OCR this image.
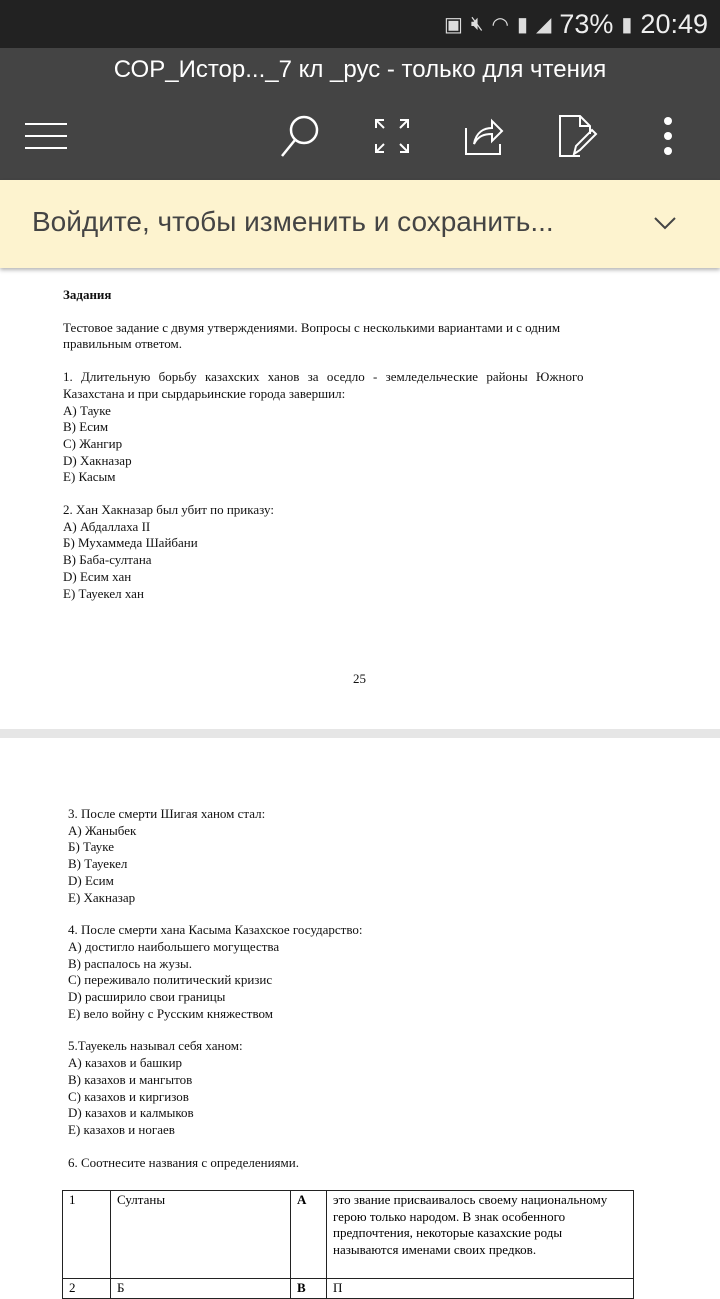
▣ 🔇︎ ◠ ▮ ◢ 73% ▮ 20:49
СОР_Истор..._7 кл _рус - только для чтения
Войдите, чтобы изменить и сохранить...

Задания

Тестовое задание с двумя утверждениями. Вопросы с несколькими вариантами и с одним

правильным ответом.

1. Длительную борьбу казахских ханов за оседло - земледельческие районы Южного

Казахстана и при сырдарьинские города завершил:

A) Тауке

B) Есим

C) Жангир

D) Хакназар

E) Касым

2. Хан Хакназар был убит по приказу:

A) Абдаллаха II

Б) Мухаммеда Шайбани

B) Баба-султана

D) Есим хан

E) Тауекел хан

25

3. После смерти Шигая ханом стал:

A) Жаныбек

Б) Тауке

B) Тауекел

D) Есим

E) Хакназар

4. После смерти хана Касыма Казахское государство:

A) достигло наибольшего могущества

B) распалось на жузы.

C) переживало политический кризис

D) расширило свои границы

E) вело войну с Русским княжеством

5.Тауекель называл себя ханом:

A) казахов и башкир

B) казахов и мангытов

C) казахов и киргизов

D) казахов и калмыков

E) казахов и ногаев

6. Соотнесите названия с определениями.

1	Султаны	А	это звание присваивалось своему национальному герою только народом. В знак особенного предпочтения, некоторые казахские роды называются именами своих предков.
2	Б	В	П
